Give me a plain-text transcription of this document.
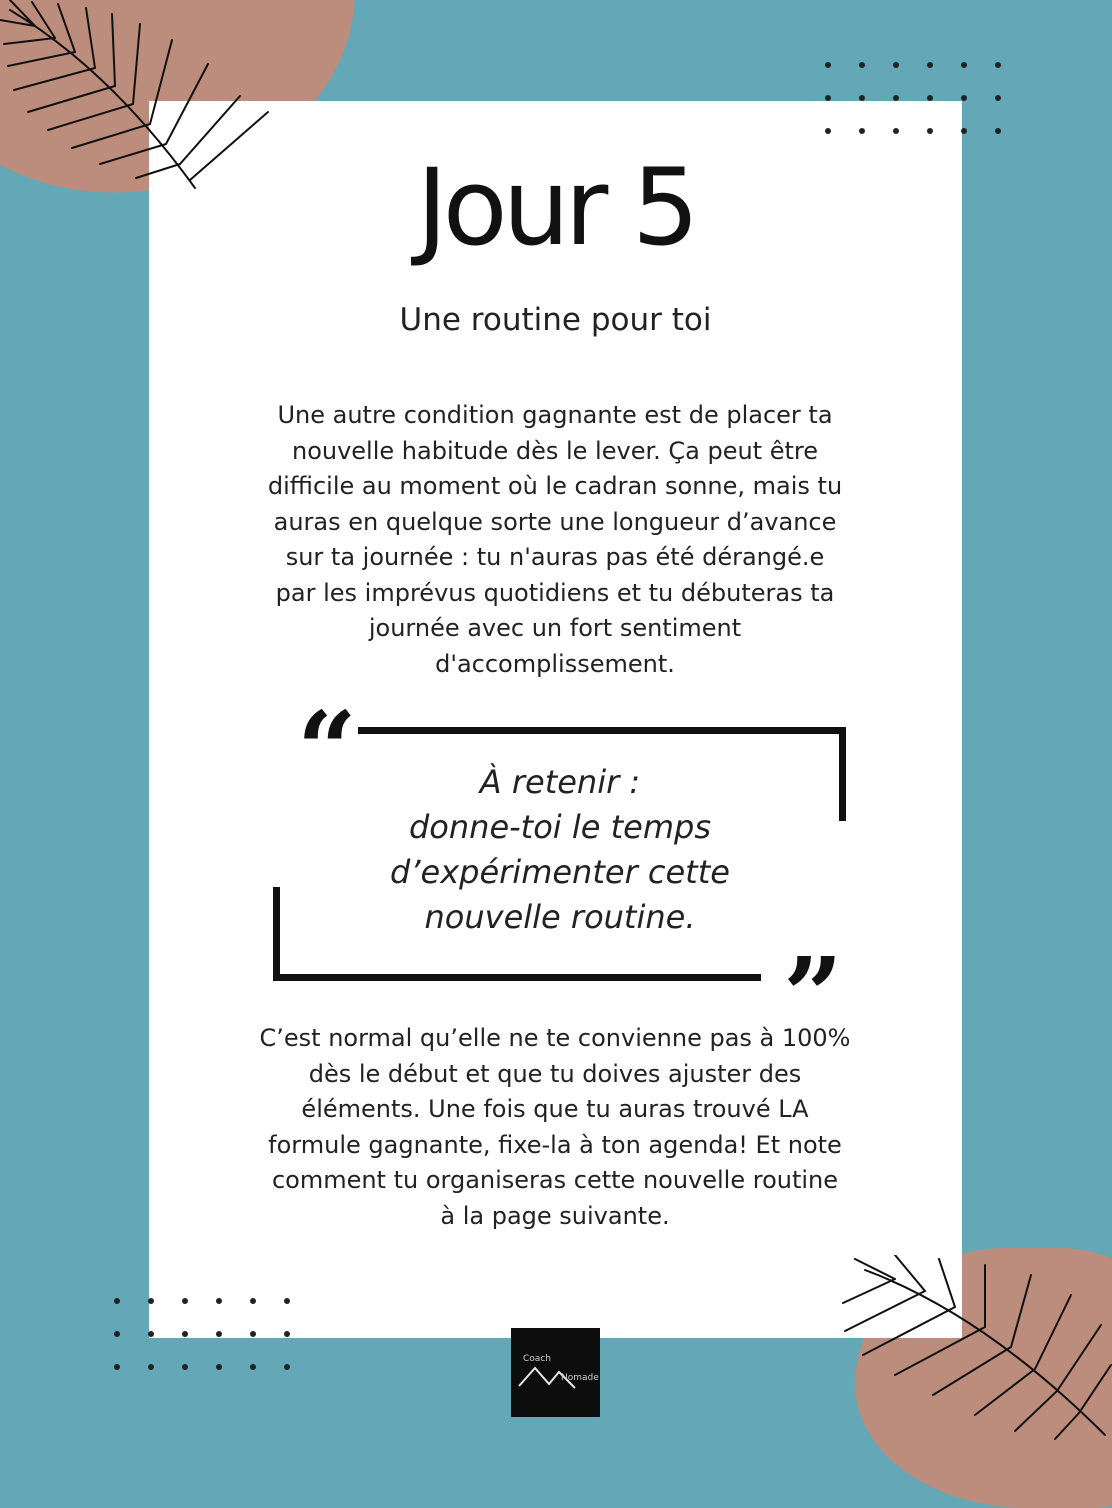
Jour 5

Une routine pour toi

Une autre condition gagnante est de placer ta
nouvelle habitude dès le lever. Ça peut être
difficile au moment où le cadran sonne, mais tu
auras en quelque sorte une longueur d’avance
sur ta journée : tu n'auras pas été dérangé.e
par les imprévus quotidiens et tu débuteras ta
journée avec un fort sentiment
d'accomplissement.

“
”

À retenir :
donne-toi le temps
d’expérimenter cette
nouvelle routine.

C’est normal qu’elle ne te convienne pas à 100%
dès le début et que tu doives ajuster des
éléments. Une fois que tu auras trouvé LA
formule gagnante, fixe-la à ton agenda! Et note
comment tu organiseras cette nouvelle routine
à la page suivante.

Coach
Nomade
